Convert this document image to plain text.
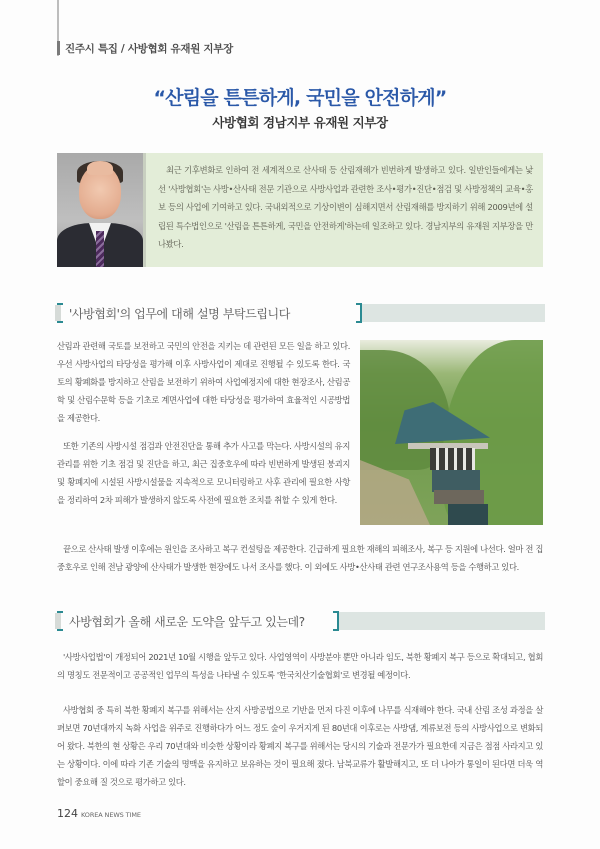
진주시 특집 / 사방협회 유재원 지부장
“산림을 튼튼하게, 국민을 안전하게”
사방협회 경남지부 유재원 지부장
최근 기후변화로 인하여 전 세계적으로 산사태 등 산림재해가 빈번하게 발생하고 있다. 일반인들에게는 낯선 '사방협회'는 사방•산사태 전문 기관으로 사방사업과 관련한 조사•평가•진단•점검 및 사방정책의 교육•홍보 등의 사업에 기여하고 있다. 국내외적으로 기상이변이 심해지면서 산림재해를 방지하기 위해 2009년에 설립된 특수법인으로 '산림을 튼튼하게, 국민을 안전하게'하는데 일조하고 있다. 경남지부의 유재원 지부장을 만나봤다.
'사방협회'의 업무에 대해 설명 부탁드립니다
산림과 관련해 국토를 보전하고 국민의 안전을 지키는 데 관련된 모든 일을 하고 있다. 우선 사방사업의 타당성을 평가해 이후 사방사업이 제대로 진행될 수 있도록 한다. 국토의 황폐화를 방지하고 산림을 보전하기 위하여 사업예정지에 대한 현장조사, 산림공학 및 산림수문학 등을 기초로 계면사업에 대한 타당성을 평가하여 효율적인 시공방법을 제공한다.
또한 기존의 사방시설 점검과 안전진단을 통해 추가 사고를 막는다. 사방시설의 유지관리를 위한 기초 점검 및 진단을 하고, 최근 집중호우에 따라 빈번하게 발생된 붕괴지 및 황폐지에 시설된 사방시설물을 지속적으로 모니터링하고 사후 관리에 필요한 사항을 정리하여 2차 피해가 발생하지 않도록 사전에 필요한 조치를 취할 수 있게 한다.
끝으로 산사태 발생 이후에는 원인을 조사하고 복구 컨설팅을 제공한다. 긴급하게 필요한 재해의 피해조사, 복구 등 지원에 나선다. 얼마 전 집중호우로 인해 전남 광양에 산사태가 발생한 현장에도 나서 조사를 했다. 이 외에도 사방•산사태 관련 연구조사용역 등을 수행하고 있다.
사방협회가 올해 새로운 도약을 앞두고 있는데?
'사방사업법'이 개정되어 2021년 10월 시행을 앞두고 있다. 사업영역이 사방분야 뿐만 아니라 임도, 북한 황폐지 복구 등으로 확대되고, 협회의 명칭도 전문적이고 공공적인 업무의 특성을 나타낼 수 있도록 '한국치산기술협회'로 변경될 예정이다.
사방협회 중 특히 북한 황폐지 복구를 위해서는 산지 사방공법으로 기반을 먼저 다진 이후에 나무를 식재해야 한다. 국내 산림 조성 과정을 살펴보면 70년대까지 녹화 사업을 위주로 진행하다가 어느 정도 숲이 우거지게 된 80년대 이후로는 사방댐, 계류보전 등의 사방사업으로 변화되어 왔다. 북한의 현 상황은 우리 70년대와 비슷한 상황이라 황폐지 복구를 위해서는 당시의 기술과 전문가가 필요한데 지금은 점점 사라지고 있는 상황이다. 이에 따라 기존 기술의 명맥을 유지하고 보유하는 것이 필요해 졌다. 남북교류가 활발해지고, 또 더 나아가 통일이 된다면 더욱 역할이 중요해 질 것으로 평가하고 있다.
124 KOREA NEWS TIME
